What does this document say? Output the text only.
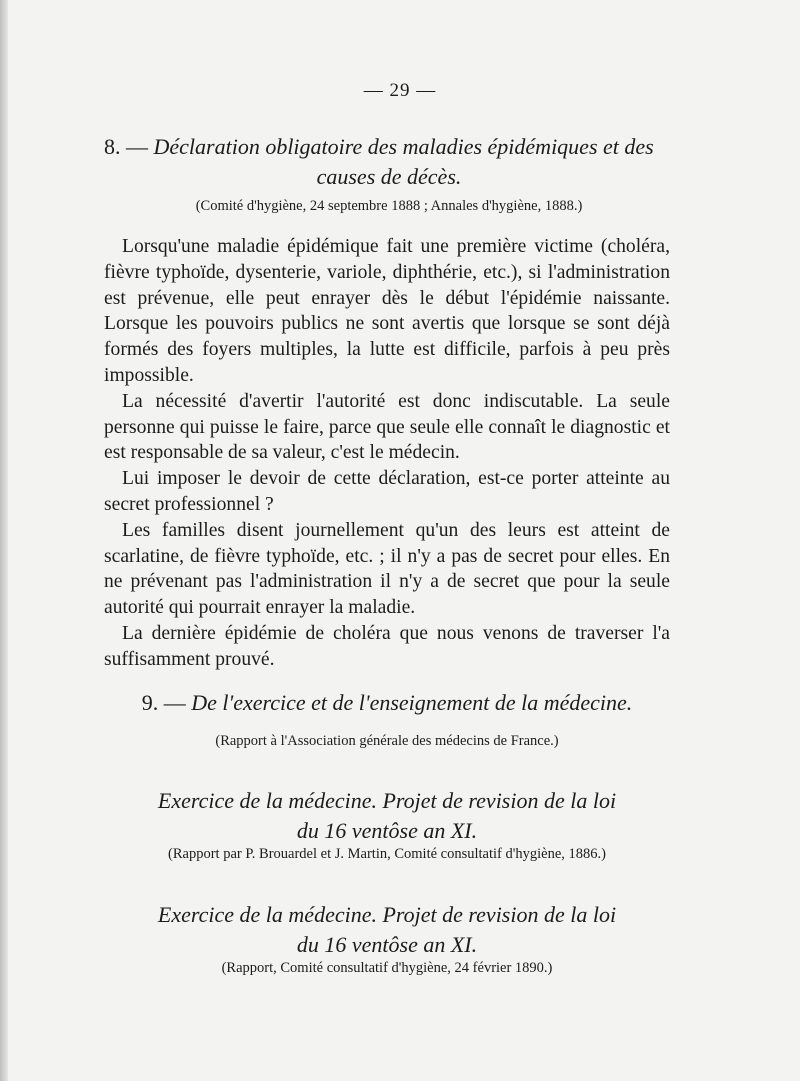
— 29 —
8. — Déclaration obligatoire des maladies épidémiques et des
causes de décès.
(Comité d'hygiène, 24 septembre 1888 ; Annales d'hygiène, 1888.)

Lorsqu'une maladie épidémique fait une première victime (choléra, fièvre typhoïde, dysenterie, variole, diphthérie, etc.), si l'administration est prévenue, elle peut enrayer dès le début l'épidémie naissante. Lorsque les pouvoirs publics ne sont avertis que lorsque se sont déjà formés des foyers multiples, la lutte est difficile, parfois à peu près impossible.

La nécessité d'avertir l'autorité est donc indiscutable. La seule personne qui puisse le faire, parce que seule elle connaît le diagnostic et est responsable de sa valeur, c'est le médecin.

Lui imposer le devoir de cette déclaration, est-ce porter atteinte au secret professionnel ?

Les familles disent journellement qu'un des leurs est atteint de scarlatine, de fièvre typhoïde, etc. ; il n'y a pas de secret pour elles. En ne prévenant pas l'administration il n'y a de secret que pour la seule autorité qui pourrait enrayer la maladie.

La dernière épidémie de choléra que nous venons de traverser l'a suffisamment prouvé.

9. — De l'exercice et de l'enseignement de la médecine.
(Rapport à l'Association générale des médecins de France.)
Exercice de la médecine. Projet de revision de la loi
du 16 ventôse an XI.
(Rapport par P. Brouardel et J. Martin, Comité consultatif d'hygiène, 1886.)
Exercice de la médecine. Projet de revision de la loi
du 16 ventôse an XI.
(Rapport, Comité consultatif d'hygiène, 24 février 1890.)
